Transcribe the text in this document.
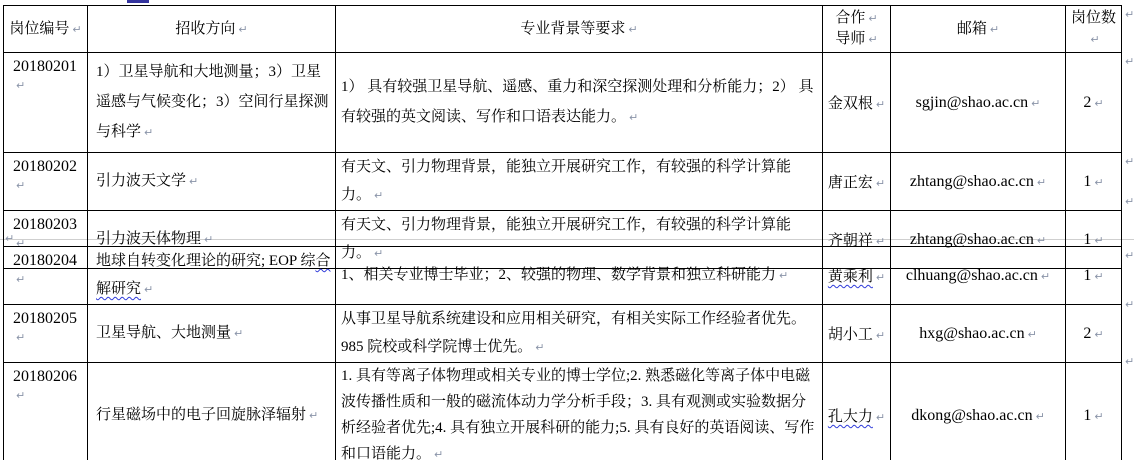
↵
岗位编号 ↵	招收方向 ↵	专业背景等要求 ↵	合作 ↵
导师 ↵	邮箱 ↵	岗位数↵

20180201↵	1）卫星导航和大地测量；3）卫星遥感与气候变化；3）空间行星探测与科学 ↵	1） 具有较强卫星导航、遥感、重力和深空探测处理和分析能力；2） 具有较强的英文阅读、写作和口语表达能力。 ↵	金双根 ↵	sgjin@shao.ac.cn ↵	2 ↵
20180202↵	引力波天文学 ↵	有天文、引力物理背景，能独立开展研究工作，有较强的科学计算能力。 ↵	唐正宏 ↵	zhtang@shao.ac.cn ↵	1 ↵
20180203↵	引力波天体物理 ↵	有天文、引力物理背景，能独立开展研究工作，有较强的科学计算能力。 ↵	齐朝祥 ↵	zhtang@shao.ac.cn ↵	1 ↵
↵
↵
↵
↵
20180204↵	地球自转变化理论的研究; EOP 综合解研究 ↵	1、相关专业博士毕业；2、较强的物理、数学背景和独立科研能力 ↵	黄乘利 ↵	clhuang@shao.ac.cn ↵	1 ↵
20180205↵	卫星导航、大地测量 ↵	从事卫星导航系统建设和应用相关研究，有相关实际工作经验者优先。985 院校或科学院博士优先。 ↵	胡小工 ↵	hxg@shao.ac.cn ↵	2 ↵
20180206↵	行星磁场中的电子回旋脉泽辐射 ↵	1. 具有等离子体物理或相关专业的博士学位;2. 熟悉磁化等离子体中电磁波传播性质和一般的磁流体动力学分析手段；3. 具有观测或实验数据分析经验者优先;4. 具有独立开展科研的能力;5. 具有良好的英语阅读、写作和口语能力。 ↵	孔大力 ↵	dkong@shao.ac.cn ↵	1 ↵
↵
↵
↵
